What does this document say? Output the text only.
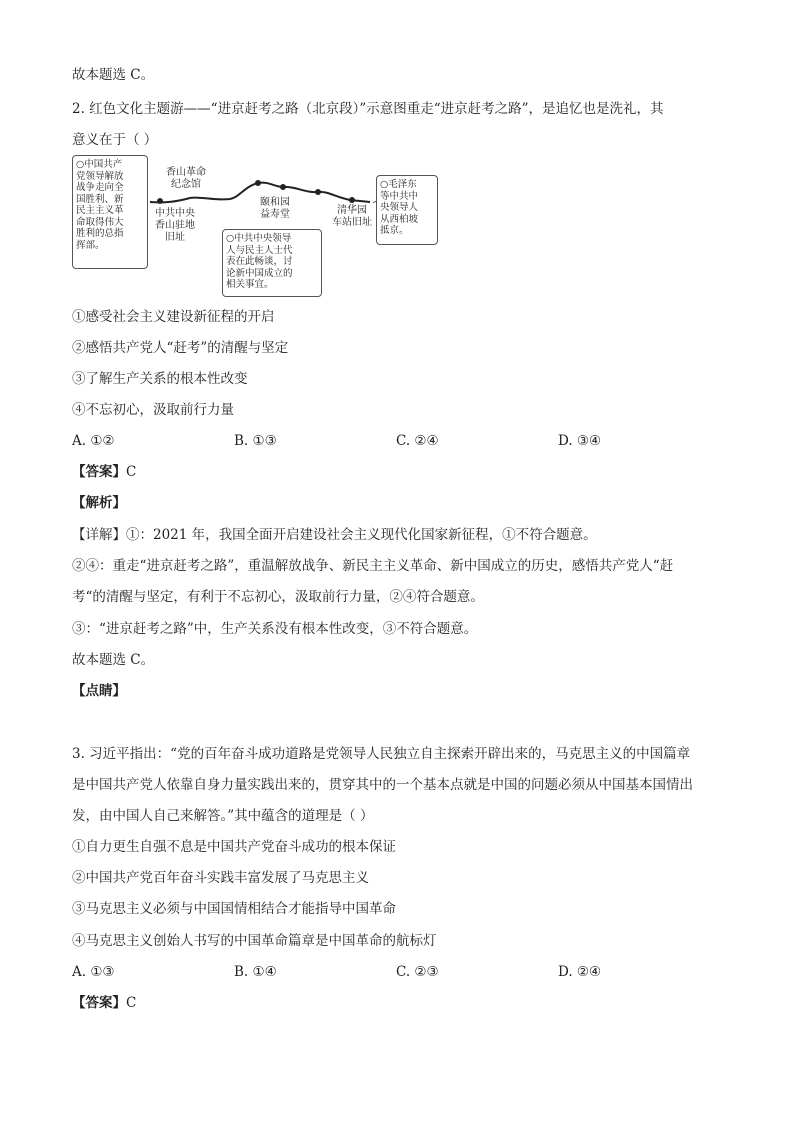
故本题选 C。
2. 红色文化主题游——“进京赶考之路（北京段）”示意图重走“进京赶考之路”，是追忆也是洗礼，其
意义在于（ ）
○中国共产
党领导解放
战争走向全
国胜利、新
民主主义革
命取得伟大
胜利的总指
挥部。
香山革命
纪念馆
中共中央
香山驻地
旧址
颐和园
益寿堂	清华园
车站旧址
○中共中央领导
人与民主人士代
表在此畅谈，讨
论新中国成立的
相关事宜。
○毛泽东
等中共中
央领导人
从西柏坡
抵京。
①感受社会主义建设新征程的开启
②感悟共产党人“赶考”的清醒与坚定
③了解生产关系的根本性改变
④不忘初心，汲取前行力量
A. ①②	B. ①③	C. ②④	D. ③④
【答案】C
【解析】
【详解】①：2021 年，我国全面开启建设社会主义现代化国家新征程，①不符合题意。
②④：重走“进京赶考之路”，重温解放战争、新民主主义革命、新中国成立的历史，感悟共产党人“赶
考“的清醒与坚定，有利于不忘初心，汲取前行力量，②④符合题意。
③：“进京赶考之路”中，生产关系没有根本性改变，③不符合题意。
故本题选 C。
【点睛】
3. 习近平指出：“党的百年奋斗成功道路是党领导人民独立自主探索开辟出来的，马克思主义的中国篇章
是中国共产党人依靠自身力量实践出来的，贯穿其中的一个基本点就是中国的问题必须从中国基本国情出
发，由中国人自己来解答。”其中蕴含的道理是（ ）
①自力更生自强不息是中国共产党奋斗成功的根本保证
②中国共产党百年奋斗实践丰富发展了马克思主义
③马克思主义必须与中国国情相结合才能指导中国革命
④马克思主义创始人书写的中国革命篇章是中国革命的航标灯
A. ①③	B. ①④	C. ②③	D. ②④
【答案】C
